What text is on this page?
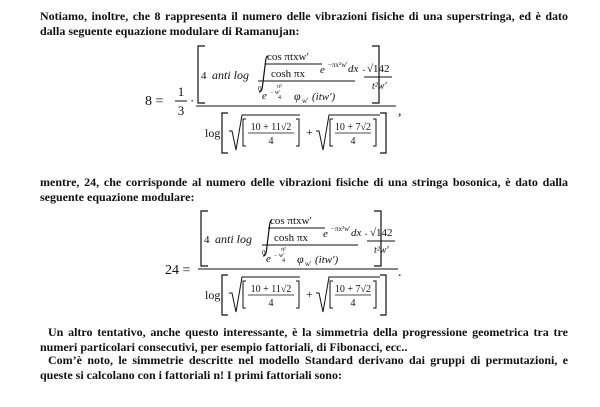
Notiamo, inoltre, che 8 rappresenta il numero delle vibrazioni fisiche di una superstringa, ed è dato dalla seguente equazione modulare di Ramanujan:

8 =
1
3
·
4 anti log
0
cos πtxw′
cosh πx e −πx²w′ dx
e
π²
− w′
4 φ w′ (itw′)
· √142
t²w′
log	10 + 11√2
4
+ 10 + 7√2
4
,

mentre, 24, che corrisponde al numero delle vibrazioni fisiche di una stringa bosonica, è dato dalla seguente equazione modulare:

24 =
4 anti log
0
cos πtxw′
cosh πx e −πx²w′ dx
e
π²
− w′
4 φ w′ (itw′)
· √142
t²w′
log	10 + 11√2
4
+ 10 + 7√2
4
.

Un altro tentativo, anche questo interessante, è la simmetria della progressione geometrica tra tre numeri particolari consecutivi, per esempio fattoriali, di Fibonacci, ecc..

Com’è noto, le simmetrie descritte nel modello Standard derivano dai gruppi di permutazioni, e queste si calcolano con i fattoriali n! I primi fattoriali sono:
